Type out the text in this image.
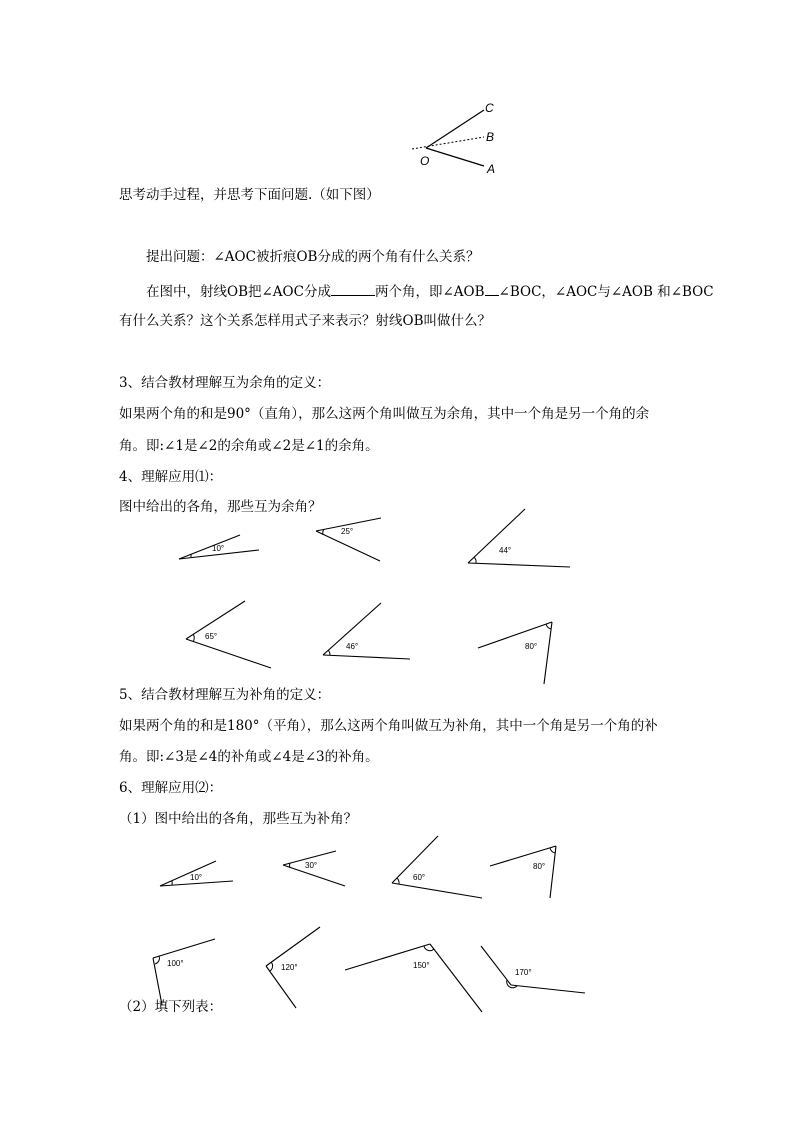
C
B
O
A
思考动手过程，并思考下面问题.（如下图）
提出问题：∠AOC被折痕OB分成的两个角有什么关系？
在图中，射线OB把∠AOC分成	两个角，即∠AOB ∠BOC，∠AOC与∠AOB 和∠BOC
有什么关系？这个关系怎样用式子来表示？射线OB叫做什么？
3、结合教材理解互为余角的定义：
如果两个角的和是90°（直角），那么这两个角叫做互为余角，其中一个角是另一个角的余
角。即:∠1是∠2的余角或∠2是∠1的余角。
4、理解应用⑴：
图中给出的各角，那些互为余角？
10°
25°
44°
65°
46°	80°
5、结合教材理解互为补角的定义：
如果两个角的和是180°（平角），那么这两个角叫做互为补角，其中一个角是另一个角的补
角。即:∠3是∠4的补角或∠4是∠3的补角。
6、理解应用⑵：
（1）图中给出的各角，那些互为补角？
10°
30°
60°
80°
100°	120°	150°
170°
（2）填下列表：
